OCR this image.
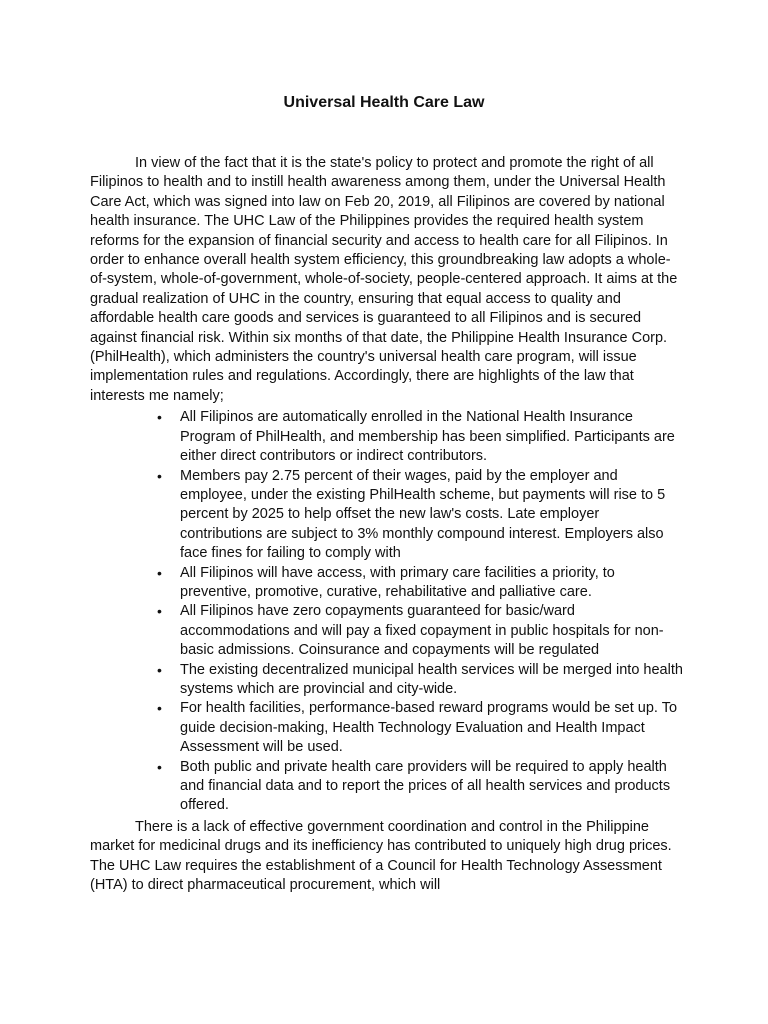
Universal Health Care Law

In view of the fact that it is the state's policy to protect and promote the right of all Filipinos to health and to instill health awareness among them, under the Universal Health Care Act, which was signed into law on Feb 20, 2019, all Filipinos are covered by national health insurance. The UHC Law of the Philippines provides the required health system reforms for the expansion of financial security and access to health care for all Filipinos. In order to enhance overall health system efficiency, this groundbreaking law adopts a whole-of-system, whole-of-government, whole-of-society, people-centered approach. It aims at the gradual realization of UHC in the country, ensuring that equal access to quality and affordable health care goods and services is guaranteed to all Filipinos and is secured against financial risk. Within six months of that date, the Philippine Health Insurance Corp. (PhilHealth), which administers the country's universal health care program, will issue implementation rules and regulations. Accordingly, there are highlights of the law that interests me namely;

• All Filipinos are automatically enrolled in the National Health Insurance Program of PhilHealth, and membership has been simplified. Participants are either direct contributors or indirect contributors.
• Members pay 2.75 percent of their wages, paid by the employer and employee, under the existing PhilHealth scheme, but payments will rise to 5 percent by 2025 to help offset the new law's costs. Late employer contributions are subject to 3% monthly compound interest. Employers also face fines for failing to comply with
• All Filipinos will have access, with primary care facilities a priority, to preventive, promotive, curative, rehabilitative and palliative care.
• All Filipinos have zero copayments guaranteed for basic/ward accommodations and will pay a fixed copayment in public hospitals for non-basic admissions. Coinsurance and copayments will be regulated
• The existing decentralized municipal health services will be merged into health systems which are provincial and city-wide.
• For health facilities, performance-based reward programs would be set up. To guide decision-making, Health Technology Evaluation and Health Impact Assessment will be used.
• Both public and private health care providers will be required to apply health and financial data and to report the prices of all health services and products offered.

There is a lack of effective government coordination and control in the Philippine market for medicinal drugs and its inefficiency has contributed to uniquely high drug prices. The UHC Law requires the establishment of a Council for Health Technology Assessment (HTA) to direct pharmaceutical procurement, which will
